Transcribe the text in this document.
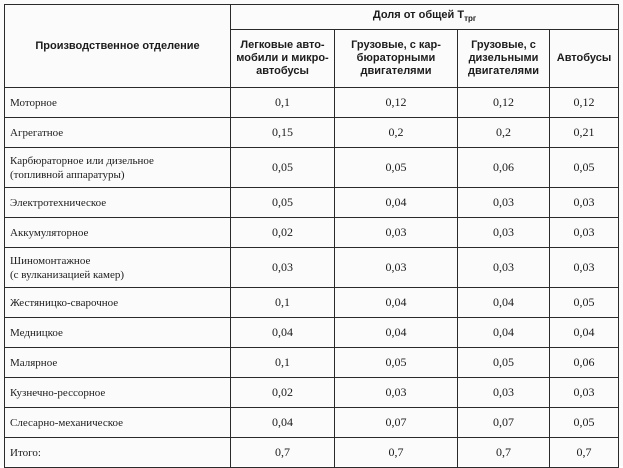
Производственное отделение	Доля от общей $Т_{трг}$

	Легковые авто-
мобили и микро-
автобусы	Грузовые, с кар-
бюраторными
двигателями	Грузовые, с
дизельными
двигателями	Автобусы

Моторное	0,1	0,12	0,12	0,12

Агрегатное	0,15	0,2	0,2	0,21

Карбюраторное или дизельное
(топливной аппаратуры)	0,05	0,05	0,06	0,05

Электротехническое	0,05	0,04	0,03	0,03

Аккумуляторное	0,02	0,03	0,03	0,03

Шиномонтажное
(с вулканизацией камер)	0,03	0,03	0,03	0,03

Жестяницко-сварочное	0,1	0,04	0,04	0,05

Медницкое	0,04	0,04	0,04	0,04

Малярное	0,1	0,05	0,05	0,06

Кузнечно-рессорное	0,02	0,03	0,03	0,03

Слесарно-механическое	0,04	0,07	0,07	0,05

Итого:	0,7	0,7	0,7	0,7
